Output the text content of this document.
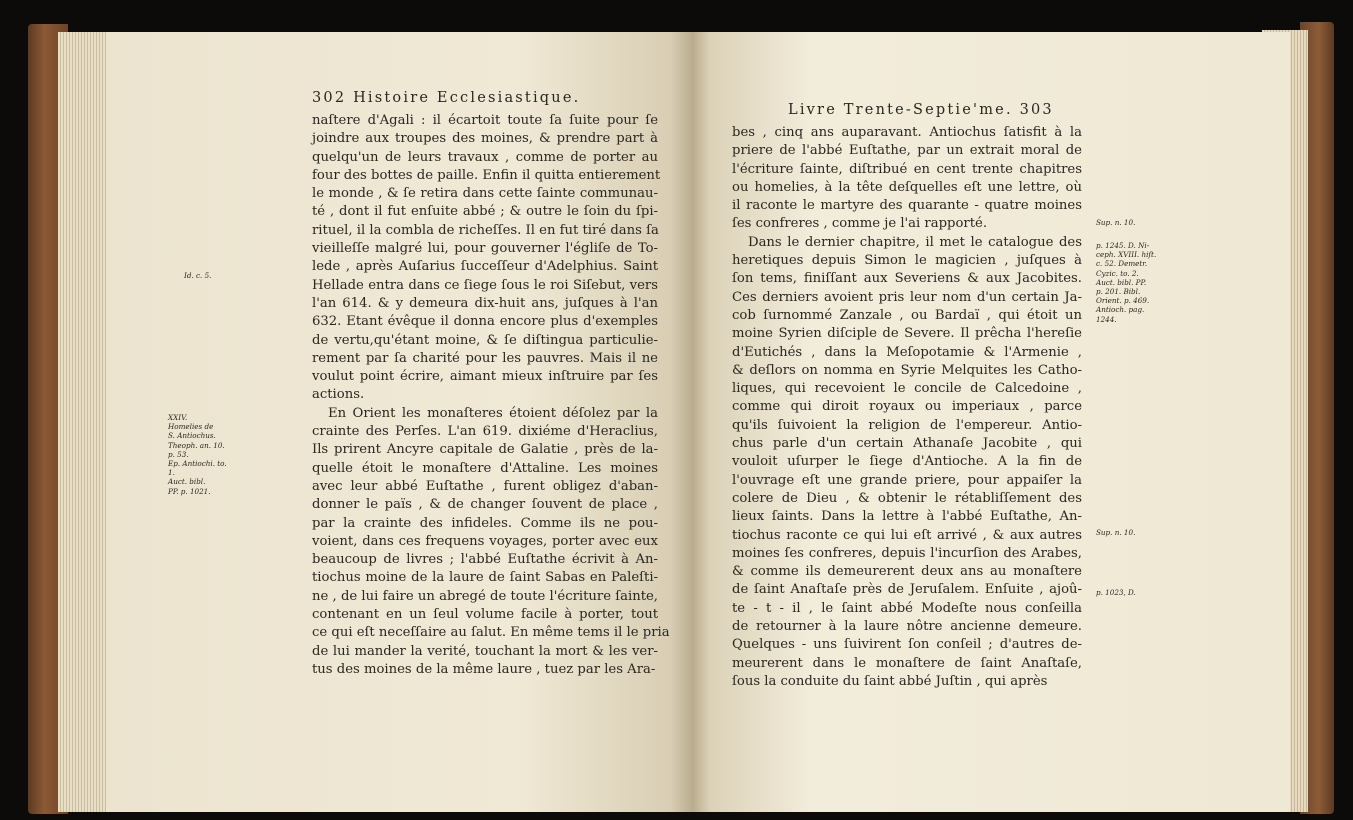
302 Histoire Ecclesiastique.
naſtere d'Agali : il écartoit toute ſa ſuite pour ſe
joindre aux troupes des moines, & prendre part à
quelqu'un de leurs travaux , comme de porter au
four des bottes de paille. Enfin il quitta entierement
le monde , & ſe retira dans cette ſainte communau-
té , dont il fut enſuite abbé ; & outre le ſoin du ſpi-
rituel, il la combla de richeſſes. Il en fut tiré dans ſa
vieilleſſe malgré lui, pour gouverner l'égliſe de To-
lede , après Auſarius ſucceſſeur d'Adelphius. Saint
Hellade entra dans ce ſiege ſous le roi Siſebut, vers
l'an 614. & y demeura dix-huit ans, juſques à l'an
632. Etant évêque il donna encore plus d'exemples
de vertu,qu'étant moine, & ſe diſtingua particulie-
rement par ſa charité pour les pauvres. Mais il ne
voulut point écrire, aimant mieux inſtruire par ſes
actions.
En Orient les monaſteres étoient déſolez par la
crainte des Perſes. L'an 619. dixiéme d'Heraclius,
Ils prirent Ancyre capitale de Galatie , près de la-
quelle étoit le monaſtere d'Attaline. Les moines
avec leur abbé Euſtathe , furent obligez d'aban-
donner le païs , & de changer ſouvent de place ,
par la crainte des infideles. Comme ils ne pou-
voient, dans ces frequens voyages, porter avec eux
beaucoup de livres ; l'abbé Euſtathe écrivit à An-
tiochus moine de la laure de ſaint Sabas en Paleſti-
ne , de lui faire un abregé de toute l'écriture ſainte,
contenant en un ſeul volume facile à porter, tout
ce qui eſt neceſſaire au ſalut. En même tems il le pria
de lui mander la verité, touchant la mort & les ver-
tus des moines de la même laure , tuez par les Ara-
Id. c. 5.
XXIV.
Homelies de
S. Antiochus.
Theoph. an. 10.
p. 53.
Ep. Antiochi. to.
1.
Auct. bibl.
PP. p. 1021.
Livre Trente-Septie'me. 303
bes , cinq ans auparavant. Antiochus ſatisfit à la
priere de l'abbé Euſtathe, par un extrait moral de
l'écriture ſainte, diſtribué en cent trente chapitres
ou homelies, à la tête deſquelles eſt une lettre, où
il raconte le martyre des quarante - quatre moines
ſes confreres , comme je l'ai rapporté.
Dans le dernier chapitre, il met le catalogue des
heretiques depuis Simon le magicien , juſques à
ſon tems, finiſſant aux Severiens & aux Jacobites.
Ces derniers avoient pris leur nom d'un certain Ja-
cob ſurnommé Zanzale , ou Bardaï , qui étoit un
moine Syrien diſciple de Severe. Il prêcha l'hereſie
d'Eutichés , dans la Meſopotamie & l'Armenie ,
& deſlors on nomma en Syrie Melquites les Catho-
liques, qui recevoient le concile de Calcedoine ,
comme qui diroit royaux ou imperiaux , parce
qu'ils ſuivoient la religion de l'empereur. Antio-
chus parle d'un certain Athanaſe Jacobite , qui
vouloit uſurper le ſiege d'Antioche. A la fin de
l'ouvrage eſt une grande priere, pour appaiſer la
colere de Dieu , & obtenir le rétabliſſement des
lieux ſaints. Dans la lettre à l'abbé Euſtathe, An-
tiochus raconte ce qui lui eſt arrivé , & aux autres
moines ſes confreres, depuis l'incurſion des Arabes,
& comme ils demeurerent deux ans au monaſtere
de ſaint Anaſtaſe près de Jeruſalem. Enſuite , ajoû-
te - t - il , le ſaint abbé Modeſte nous conſeilla
de retourner à la laure nôtre ancienne demeure.
Quelques - uns ſuivirent ſon conſeil ; d'autres de-
meurerent dans le monaſtere de ſaint Anaſtaſe,
ſous la conduite du ſaint abbé Juſtin , qui après
Sup. n. 10.
p. 1245. D. Ni-
ceph. XVIII. hiſt.
c. 52. Demetr.
Cyzic. to. 2.
Auct. bibl. PP.
p. 201. Bibl.
Orient. p. 469.
Antioch. pag.
1244.
Sup. n. 10.
p. 1023, D.
